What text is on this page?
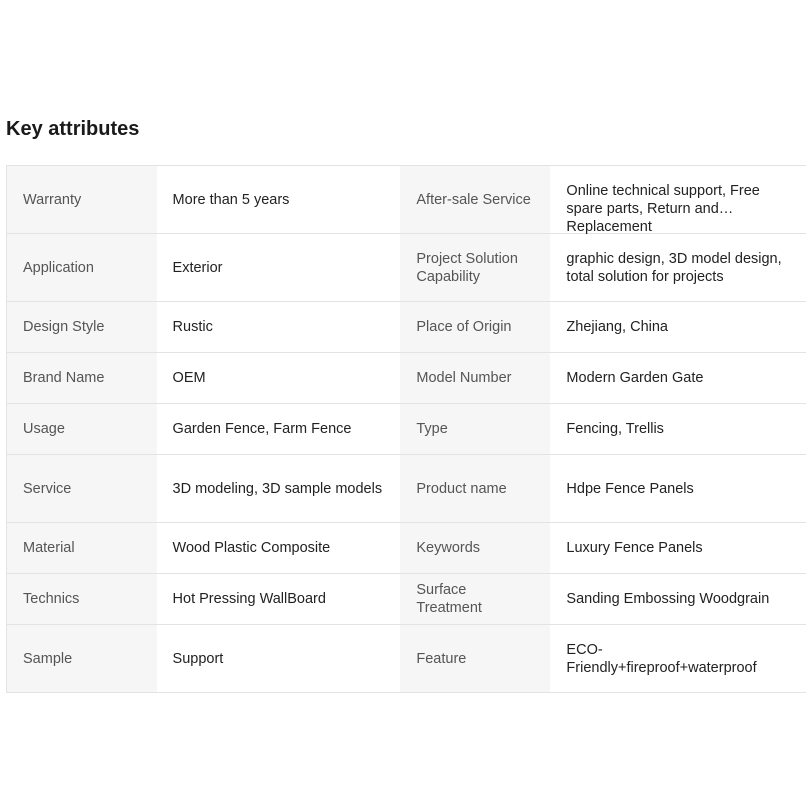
Key attributes
Warranty	More than 5 years	After-sale Service	Online technical support, Free spare parts, Return and Replacement

Application	Exterior	Project Solution Capability	graphic design, 3D model design, total solution for projects

Design Style	Rustic	Place of Origin	Zhejiang, China
Brand Name	OEM	Model Number	Modern Garden Gate
Usage	Garden Fence, Farm Fence	Type	Fencing, Trellis
Service	3D modeling, 3D sample models	Product name	Hdpe Fence Panels
Material	Wood Plastic Composite	Keywords	Luxury Fence Panels
Technics	Hot Pressing WallBoard	Surface Treatment	Sanding Embossing Woodgrain
Sample	Support	Feature	ECO-Friendly+fireproof+waterproof
